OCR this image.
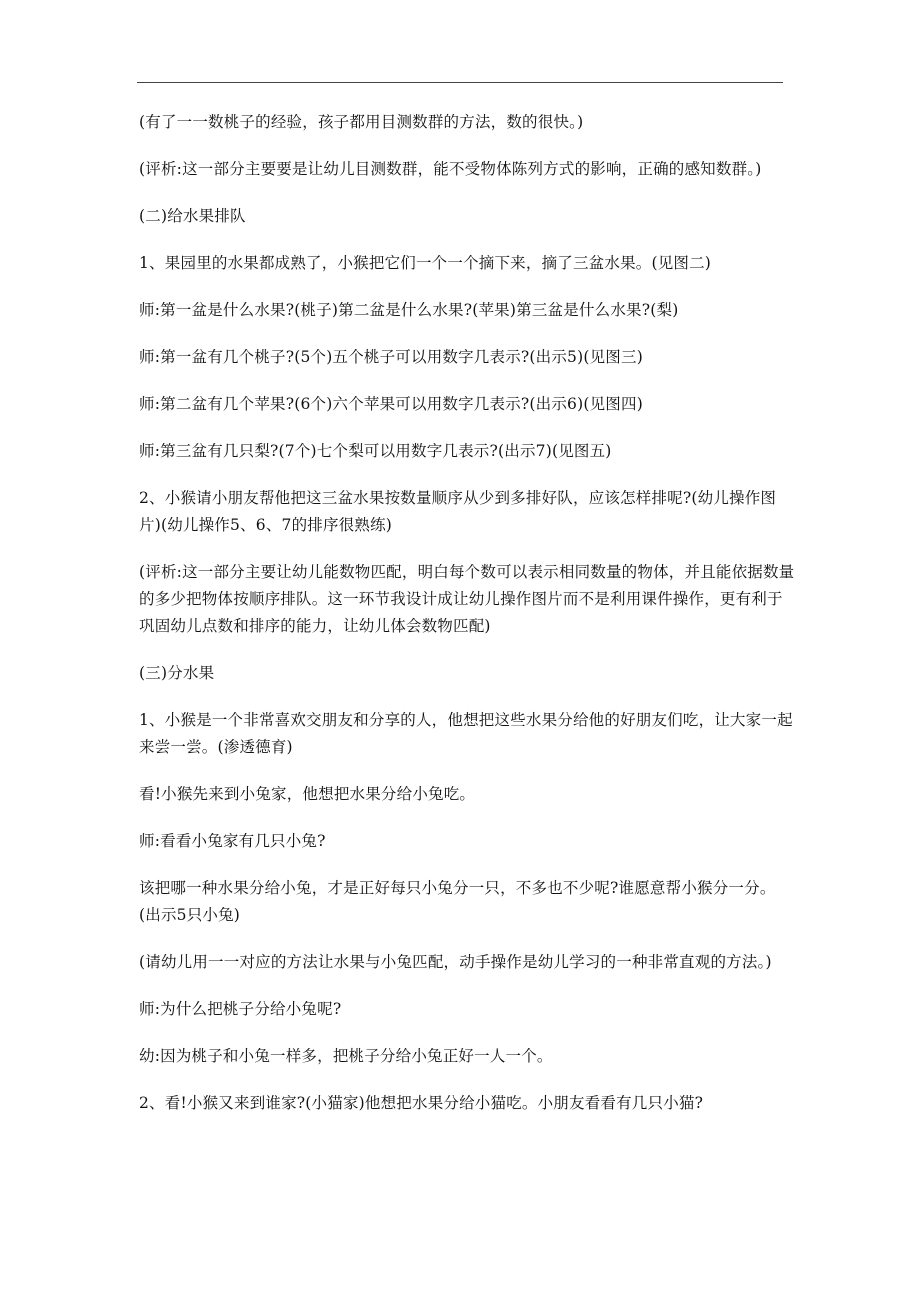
(有了一一数桃子的经验，孩子都用目测数群的方法，数的很快。)

(评析:这一部分主要要是让幼儿目测数群，能不受物体陈列方式的影响，正确的感知数群。)

(二)给水果排队

1、果园里的水果都成熟了，小猴把它们一个一个摘下来，摘了三盆水果。(见图二)

师:第一盆是什么水果?(桃子)第二盆是什么水果?(苹果)第三盆是什么水果?(梨)

师:第一盆有几个桃子?(5个)五个桃子可以用数字几表示?(出示5)(见图三)

师:第二盆有几个苹果?(6个)六个苹果可以用数字几表示?(出示6)(见图四)

师:第三盆有几只梨?(7个)七个梨可以用数字几表示?(出示7)(见图五)

2、小猴请小朋友帮他把这三盆水果按数量顺序从少到多排好队，应该怎样排呢?(幼儿操作图片)(幼儿操作5、6、7的排序很熟练)

(评析:这一部分主要让幼儿能数物匹配，明白每个数可以表示相同数量的物体，并且能依据数量的多少把物体按顺序排队。这一环节我设计成让幼儿操作图片而不是利用课件操作，更有利于巩固幼儿点数和排序的能力，让幼儿体会数物匹配)

(三)分水果

1、小猴是一个非常喜欢交朋友和分享的人，他想把这些水果分给他的好朋友们吃，让大家一起来尝一尝。(渗透德育)

看!小猴先来到小兔家，他想把水果分给小兔吃。

师:看看小兔家有几只小兔?

该把哪一种水果分给小兔，才是正好每只小兔分一只，不多也不少呢?谁愿意帮小猴分一分。(出示5只小兔)

(请幼儿用一一对应的方法让水果与小兔匹配，动手操作是幼儿学习的一种非常直观的方法。)

师:为什么把桃子分给小兔呢?

幼:因为桃子和小兔一样多，把桃子分给小兔正好一人一个。

2、看!小猴又来到谁家?(小猫家)他想把水果分给小猫吃。小朋友看看有几只小猫?
